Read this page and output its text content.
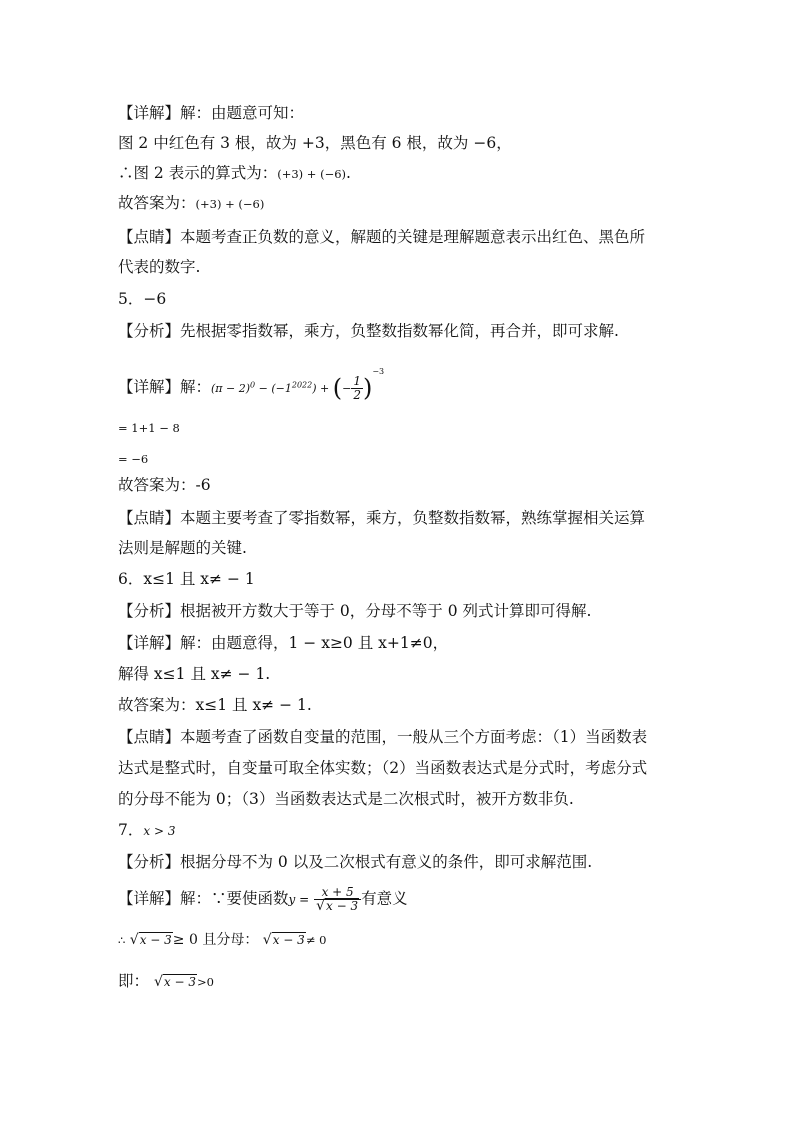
【详解】解：由题意可知：
图 2 中红色有 3 根，故为 +3，黑色有 6 根，故为 −6，
∴图 2 表示的算式为：(+3) + (−6).
故答案为：(+3) + (−6)
【点睛】本题考查正负数的意义，解题的关键是理解题意表示出红色、黑色所
代表的数字.
5．−6
【分析】先根据零指数幂，乘方，负整数指数幂化简，再合并，即可求解.
【详解】解：$(\pi - 2)^0 - (-1^{2022})$ + (− $\frac{1}{2} )^{-3}$
= 1+1 − 8
= −6
故答案为：-6
【点睛】本题主要考查了零指数幂，乘方，负整数指数幂，熟练掌握相关运算
法则是解题的关键.
6．x≤1 且 x≠ − 1
【分析】根据被开方数大于等于 0，分母不等于 0 列式计算即可得解.
【详解】解：由题意得，1 − x≥0 且 x+1≠0，
解得 x≤1 且 x≠ − 1.
故答案为：x≤1 且 x≠ − 1.
【点睛】本题考查了函数自变量的范围，一般从三个方面考虑：（1）当函数表
达式是整式时，自变量可取全体实数；（2）当函数表达式是分式时，考虑分式
的分母不能为 0；（3）当函数表达式是二次根式时，被开方数非负.
7．x > 3
【分析】根据分母不为 0 以及二次根式有意义的条件，即可求解范围.
【详解】解：∵要使函数$y = \frac{x + 5}{√x - 3}$ 有意义
∴ √x − 3≥ 0 且分母： √x − 3≠ 0
即： √x − 3>0
